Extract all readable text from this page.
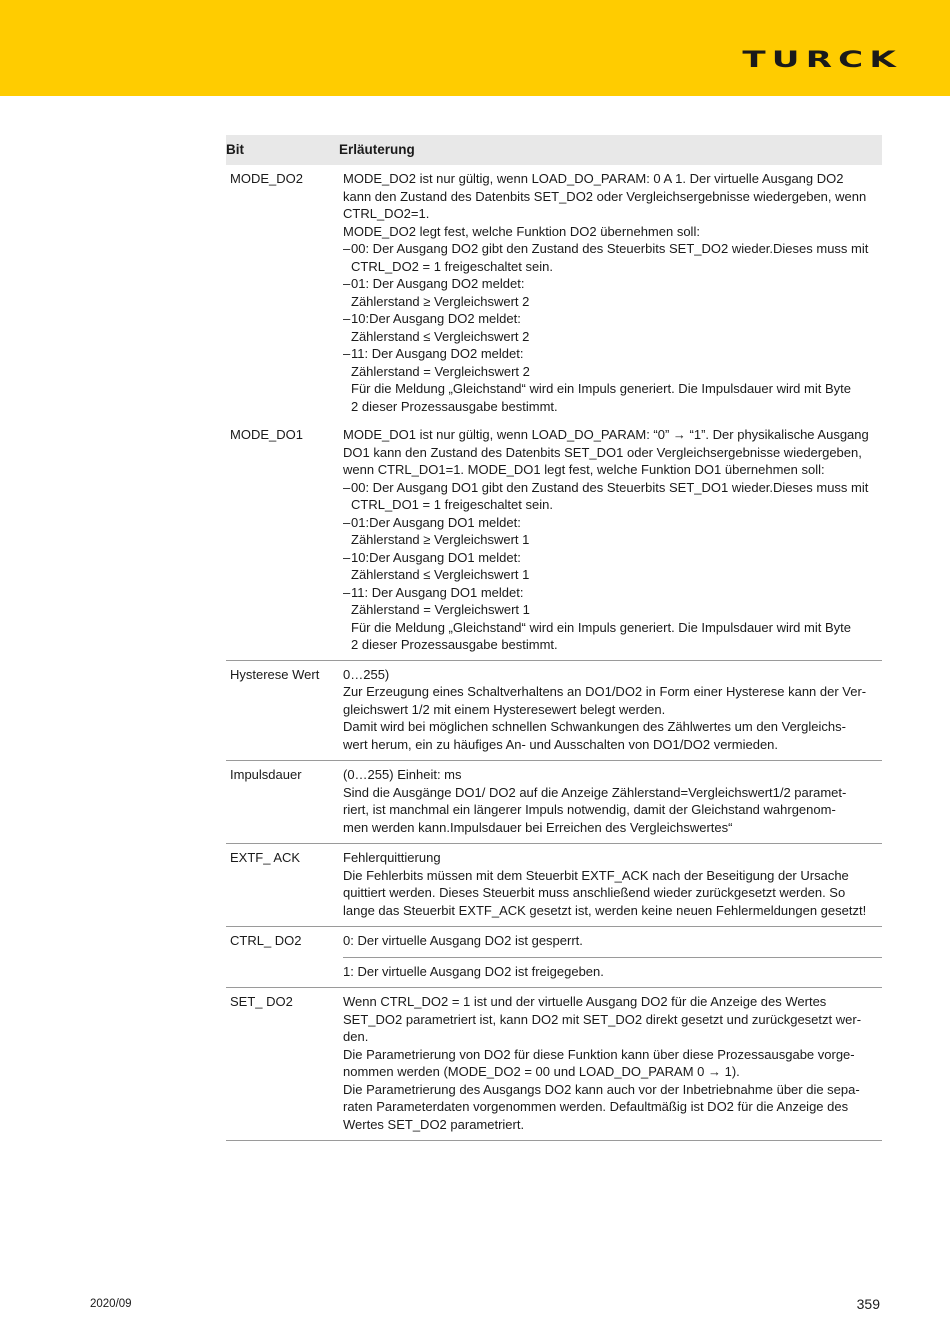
TURCK
Bit	Erläuterung
MODE_DO2	MODE_DO2 ist nur gültig, wenn LOAD_DO_PARAM: 0 A 1. Der virtuelle Ausgang DO2
kann den Zustand des Datenbits SET_DO2 oder Vergleichsergebnisse wiedergeben, wenn
CTRL_DO2=1.
MODE_DO2 legt fest, welche Funktion DO2 übernehmen soll:
–00: Der Ausgang DO2 gibt den Zustand des Steuerbits SET_DO2 wieder.Dieses muss mit
CTRL_DO2 = 1 freigeschaltet sein.
–01: Der Ausgang DO2 meldet:
Zählerstand ≥ Vergleichswert 2
–10:Der Ausgang DO2 meldet:
Zählerstand ≤ Vergleichswert 2
–11: Der Ausgang DO2 meldet:
Zählerstand = Vergleichswert 2
Für die Meldung „Gleichstand“ wird ein Impuls generiert. Die Impulsdauer wird mit Byte
2 dieser Prozessausgabe bestimmt.
MODE_DO1	MODE_DO1 ist nur gültig, wenn LOAD_DO_PARAM: “0” → “1”. Der physikalische Ausgang
DO1 kann den Zustand des Datenbits SET_DO1 oder Vergleichsergebnisse wiedergeben,
wenn CTRL_DO1=1. MODE_DO1 legt fest, welche Funktion DO1 übernehmen soll:
–00: Der Ausgang DO1 gibt den Zustand des Steuerbits SET_DO1 wieder.Dieses muss mit
CTRL_DO1 = 1 freigeschaltet sein.
–01:Der Ausgang DO1 meldet:
Zählerstand ≥ Vergleichswert 1
–10:Der Ausgang DO1 meldet:
Zählerstand ≤ Vergleichswert 1
–11: Der Ausgang DO1 meldet:
Zählerstand = Vergleichswert 1
Für die Meldung „Gleichstand“ wird ein Impuls generiert. Die Impulsdauer wird mit Byte
2 dieser Prozessausgabe bestimmt.
Hysterese Wert	0…255)
Zur Erzeugung eines Schaltverhaltens an DO1/DO2 in Form einer Hysterese kann der Ver-
gleichswert 1/2 mit einem Hysteresewert belegt werden.
Damit wird bei möglichen schnellen Schwankungen des Zählwertes um den Vergleichs-
wert herum, ein zu häufiges An- und Ausschalten von DO1/DO2 vermieden.
Impulsdauer	(0…255) Einheit: ms
Sind die Ausgänge DO1/ DO2 auf die Anzeige Zählerstand=Vergleichswert1/2 paramet-
riert, ist manchmal ein längerer Impuls notwendig, damit der Gleichstand wahrgenom-
men werden kann.Impulsdauer bei Erreichen des Vergleichswertes“
EXTF_ ACK	Fehlerquittierung
Die Fehlerbits müssen mit dem Steuerbit EXTF_ACK nach der Beseitigung der Ursache
quittiert werden. Dieses Steuerbit muss anschließend wieder zurückgesetzt werden. So
lange das Steuerbit EXTF_ACK gesetzt ist, werden keine neuen Fehlermeldungen gesetzt!
CTRL_ DO2	0: Der virtuelle Ausgang DO2 ist gesperrt.
1: Der virtuelle Ausgang DO2 ist freigegeben.
SET_ DO2	Wenn CTRL_DO2 = 1 ist und der virtuelle Ausgang DO2 für die Anzeige des Wertes
SET_DO2 parametriert ist, kann DO2 mit SET_DO2 direkt gesetzt und zurückgesetzt wer-
den.
Die Parametrierung von DO2 für diese Funktion kann über diese Prozessausgabe vorge-
nommen werden (MODE_DO2 = 00 und LOAD_DO_PARAM 0 → 1).
Die Parametrierung des Ausgangs DO2 kann auch vor der Inbetriebnahme über die sepa-
raten Parameterdaten vorgenommen werden. Defaultmäßig ist DO2 für die Anzeige des
Wertes SET_DO2 parametriert.
2020/09	359
